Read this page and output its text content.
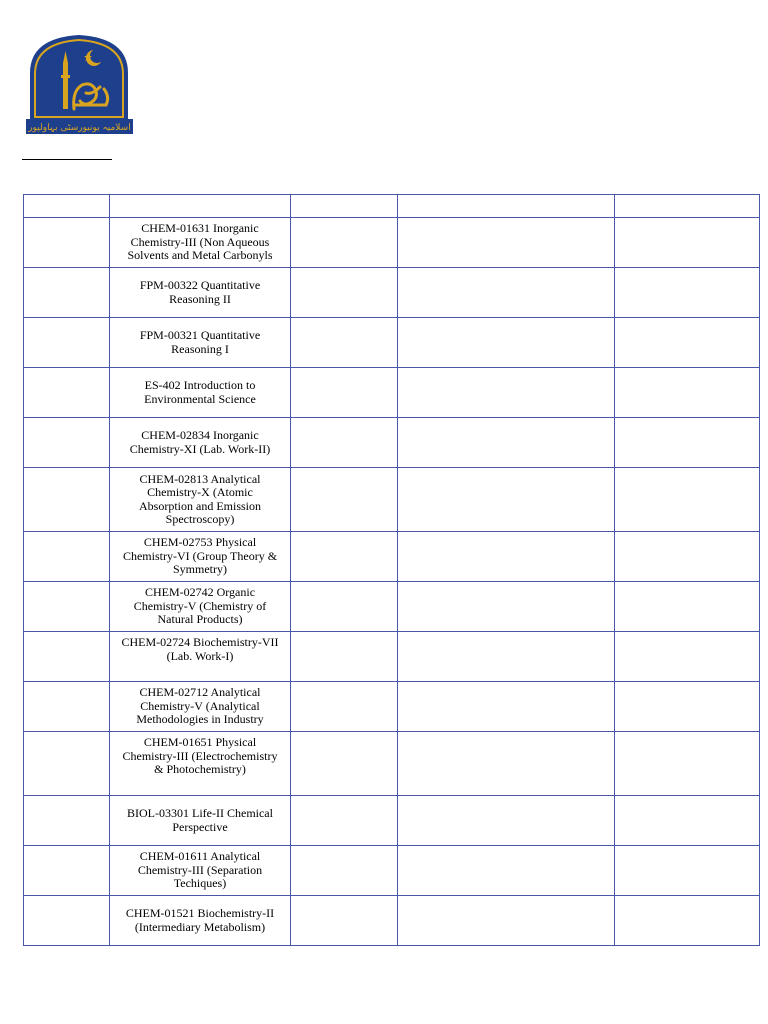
اسلامیہ یونیورسٹی بہاولپور

	CHEM-01631 Inorganic
Chemistry-III (Non Aqueous
Solvents and Metal Carbonyls			

	FPM-00322 Quantitative
Reasoning II			

	FPM-00321 Quantitative
Reasoning I			

	ES-402 Introduction to
Environmental Science			

	CHEM-02834 Inorganic
Chemistry-XI (Lab. Work-II)			

	CHEM-02813 Analytical
Chemistry-X (Atomic
Absorption and Emission
Spectroscopy)			

	CHEM-02753 Physical
Chemistry-VI (Group Theory &
Symmetry)			

	CHEM-02742 Organic
Chemistry-V (Chemistry of
Natural Products)			

	CHEM-02724 Biochemistry-VII
(Lab. Work-I)			

	CHEM-02712 Analytical
Chemistry-V (Analytical
Methodologies in Industry			

	CHEM-01651 Physical
Chemistry-III (Electrochemistry
& Photochemistry)			

	BIOL-03301 Life-II Chemical
Perspective			

	CHEM-01611 Analytical
Chemistry-III (Separation
Techiques)			

	CHEM-01521 Biochemistry-II
(Intermediary Metabolism)			
